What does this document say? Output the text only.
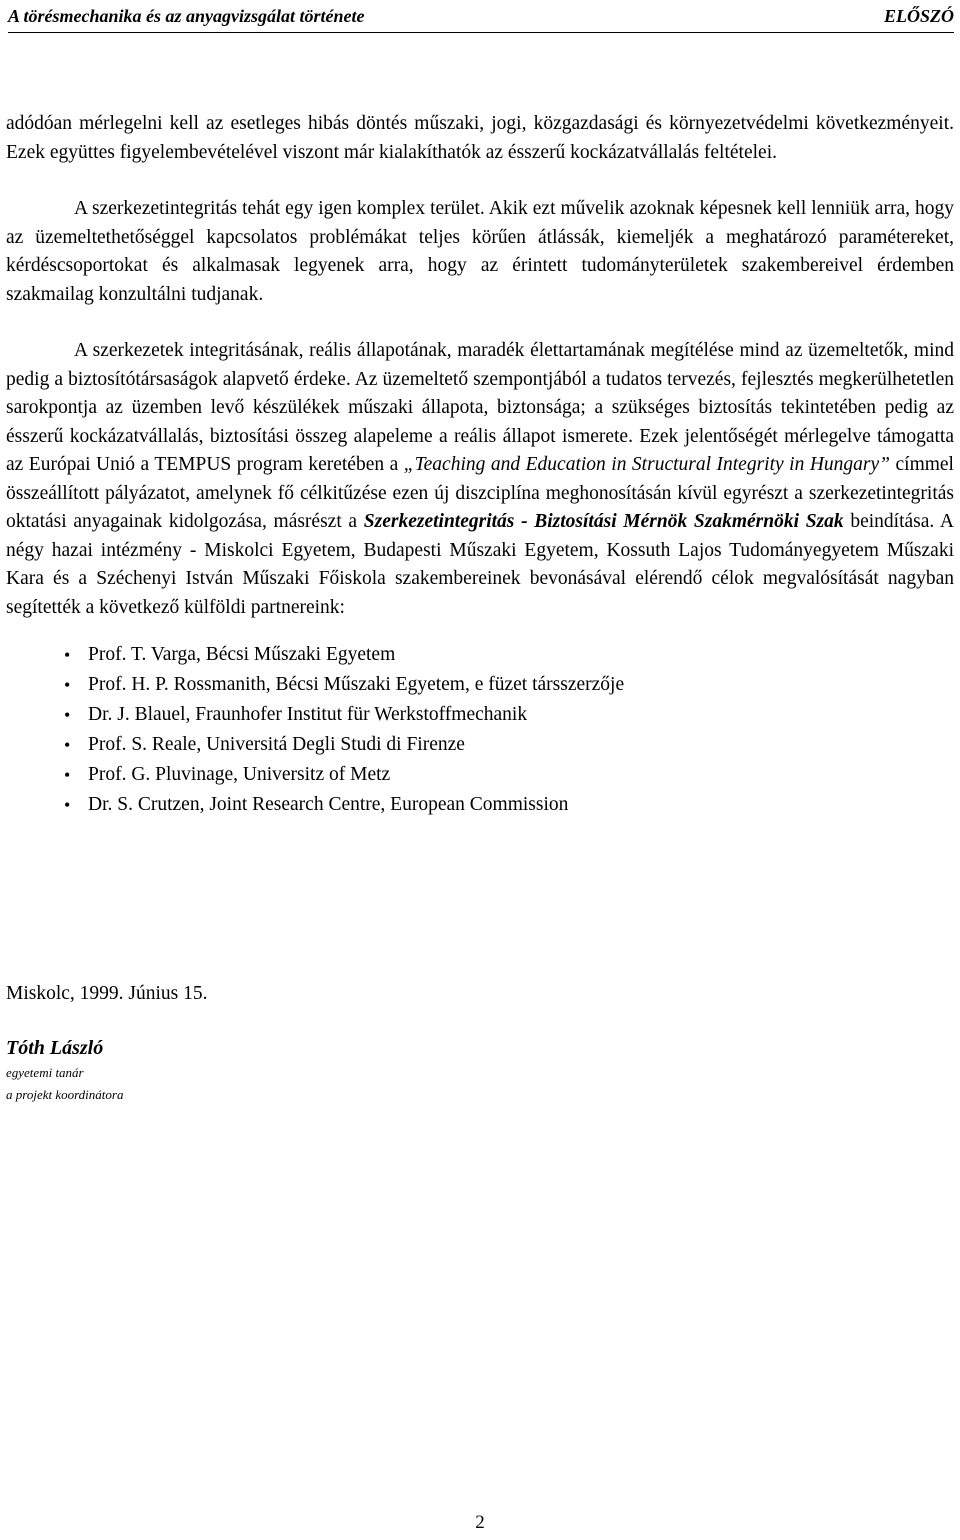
A törésmechanika és az anyagvizsgálat története	ELŐSZÓ

adódóan mérlegelni kell az esetleges hibás döntés műszaki, jogi, közgazdasági és környezetvédelmi következményeit. Ezek együttes figyelembevételével viszont már kialakíthatók az ésszerű kockázatvállalás feltételei.

A szerkezetintegritás tehát egy igen komplex terület. Akik ezt művelik azoknak képesnek kell lenniük arra, hogy az üzemeltethetőséggel kapcsolatos problémákat teljes körűen átlássák, kiemeljék a meghatározó paramétereket, kérdéscsoportokat és alkalmasak legyenek arra, hogy az érintett tudományterületek szakembereivel érdemben szakmailag konzultálni tudjanak.

A szerkezetek integritásának, reális állapotának, maradék élettartamának megítélése mind az üzemeltetők, mind pedig a biztosítótársaságok alapvető érdeke. Az üzemeltető szempontjából a tudatos tervezés, fejlesztés megkerülhetetlen sarokpontja az üzemben levő készülékek műszaki állapota, biztonsága; a szükséges biztosítás tekintetében pedig az ésszerű kockázatvállalás, biztosítási összeg alapeleme a reális állapot ismerete. Ezek jelentőségét mérlegelve támogatta az Európai Unió a TEMPUS program keretében a „Teaching and Education in Structural Integrity in Hungary” címmel összeállított pályázatot, amelynek fő célkitűzése ezen új diszciplína meghonosításán kívül egyrészt a szerkezetintegritás oktatási anyagainak kidolgozása, másrészt a Szerkezetintegritás - Biztosítási Mérnök Szakmérnöki Szak beindítása. A négy hazai intézmény - Miskolci Egyetem, Budapesti Műszaki Egyetem, Kossuth Lajos Tudományegyetem Műszaki Kara és a Széchenyi István Műszaki Főiskola szakembereinek bevonásával elérendő célok megvalósítását nagyban segítették a következő külföldi partnereink:

• Prof. T. Varga, Bécsi Műszaki Egyetem
• Prof. H. P. Rossmanith, Bécsi Műszaki Egyetem, e füzet társszerzője
• Dr. J. Blauel, Fraunhofer Institut für Werkstoffmechanik
• Prof. S. Reale, Universitá Degli Studi di Firenze
• Prof. G. Pluvinage, Universitz of Metz
• Dr. S. Crutzen, Joint Research Centre, European Commission
Miskolc, 1999. Június 15.
Tóth László
egyetemi tanár
a projekt koordinátora
2
